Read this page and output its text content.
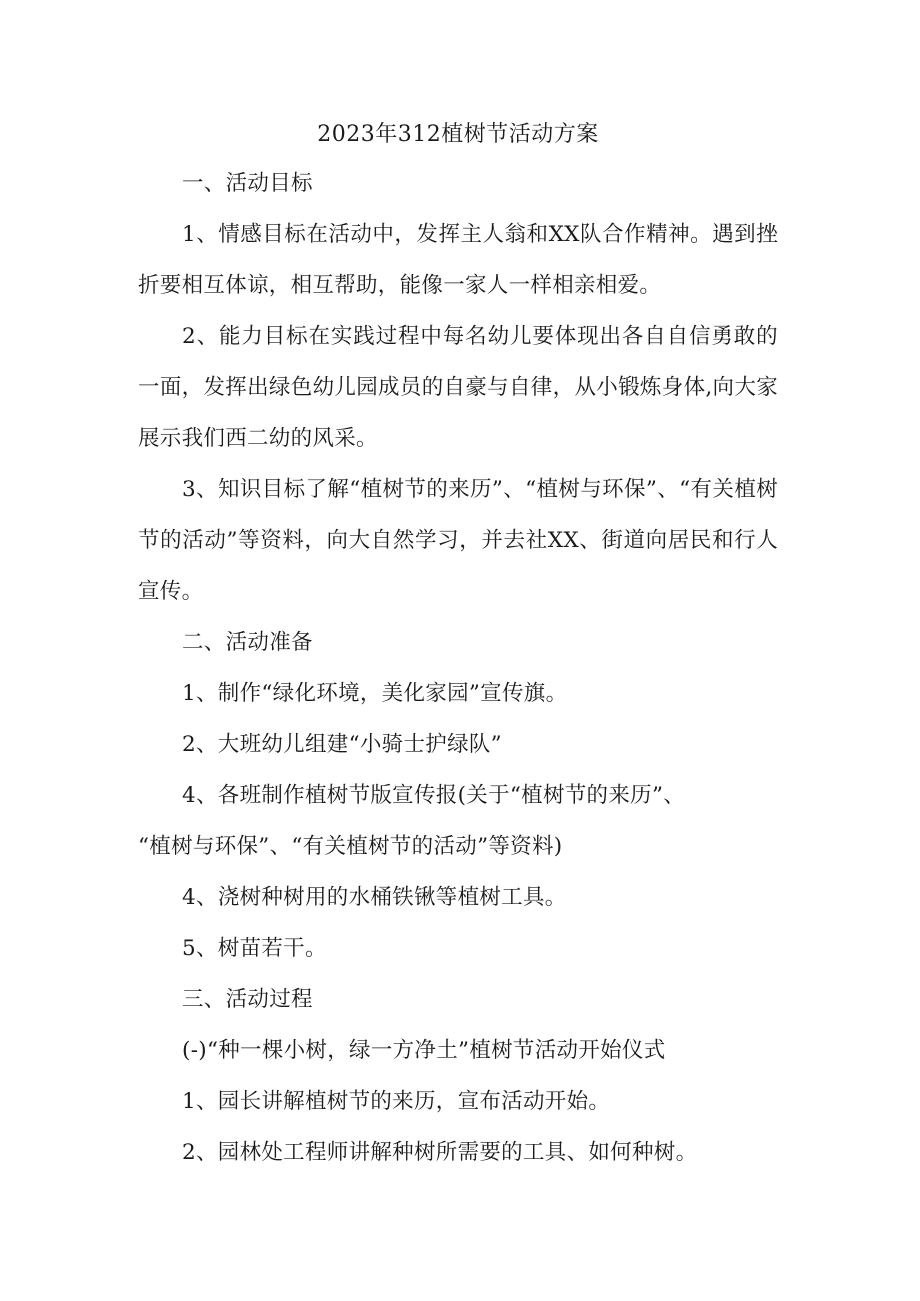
2023年312植树节活动方案
一、活动目标
1、情感目标在活动中，发挥主人翁和XX队合作精神。遇到挫折要相互体谅，相互帮助，能像一家人一样相亲相爱。
2、能力目标在实践过程中每名幼儿要体现出各自自信勇敢的一面，发挥出绿色幼儿园成员的自豪与自律，从小锻炼身体,向大家展示我们西二幼的风采。
3、知识目标了解“植树节的来历”、“植树与环保”、“有关植树节的活动”等资料，向大自然学习，并去社XX、街道向居民和行人宣传。
二、活动准备
1、制作“绿化环境，美化家园”宣传旗。
2、大班幼儿组建“小骑士护绿队”
4、各班制作植树节版宣传报(关于“植树节的来历”、
“植树与环保”、“有关植树节的活动”等资料)
4、浇树种树用的水桶铁锹等植树工具。
5、树苗若干。
三、活动过程
(-)“种一棵小树，绿一方净土”植树节活动开始仪式
1、园长讲解植树节的来历，宣布活动开始。
2、园林处工程师讲解种树所需要的工具、如何种树。
